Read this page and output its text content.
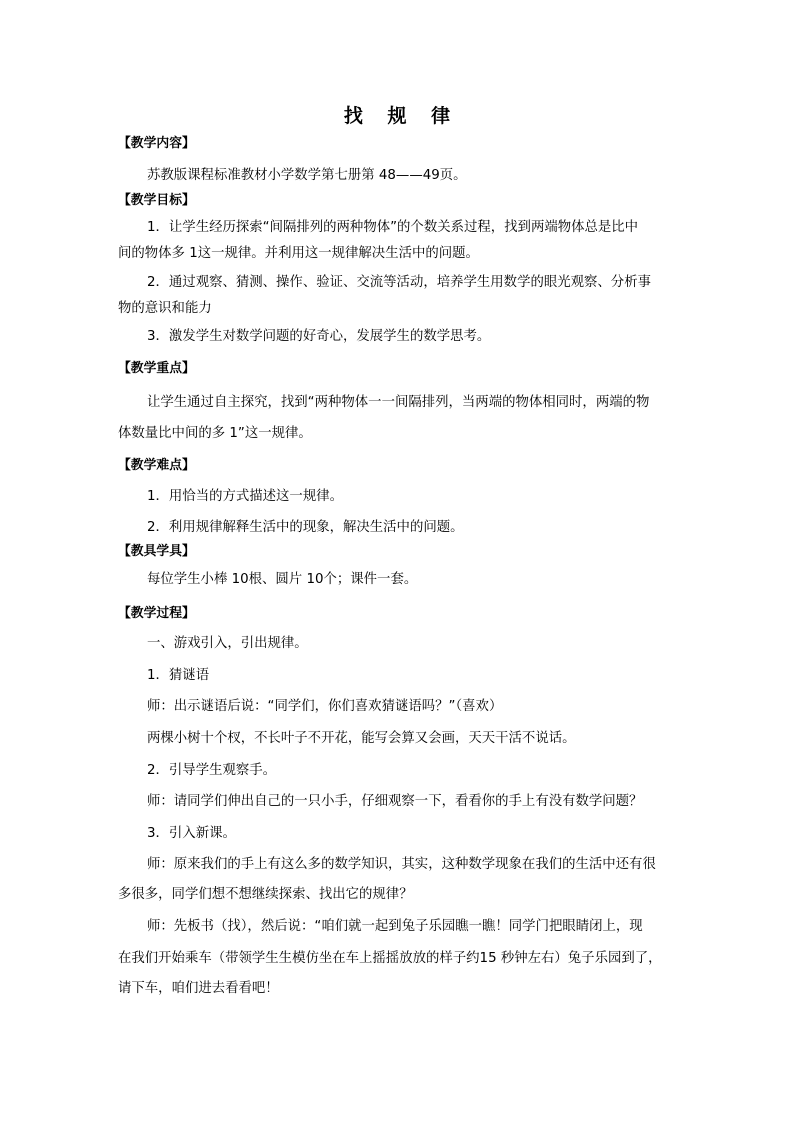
找 规 律
【教学内容】
苏教版课程标准教材小学数学第七册第 48——49页。
【教学目标】
1．让学生经历探索“间隔排列的两种物体”的个数关系过程，找到两端物体总是比中
间的物体多 1这一规律。并利用这一规律解决生活中的问题。
2．通过观察、猜测、操作、验证、交流等活动，培养学生用数学的眼光观察、分析事
物的意识和能力
3．激发学生对数学问题的好奇心，发展学生的数学思考。
【教学重点】
让学生通过自主探究，找到“两种物体一一间隔排列，当两端的物体相同时，两端的物
体数量比中间的多 1”这一规律。
【教学难点】
1．用恰当的方式描述这一规律。
2．利用规律解释生活中的现象，解决生活中的问题。
【教具学具】
每位学生小棒 10根、圆片 10个；课件一套。
【教学过程】
一、游戏引入，引出规律。
1．猜谜语
师：出示谜语后说：“同学们，你们喜欢猜谜语吗？”（喜欢）
两棵小树十个杈，不长叶子不开花，能写会算又会画，天天干活不说话。
2．引导学生观察手。
师：请同学们伸出自己的一只小手，仔细观察一下，看看你的手上有没有数学问题？
3．引入新课。
师：原来我们的手上有这么多的数学知识，其实，这种数学现象在我们的生活中还有很
多很多，同学们想不想继续探索、找出它的规律？
师：先板书（找），然后说：“咱们就一起到兔子乐园瞧一瞧！同学门把眼睛闭上，现
在我们开始乘车（带领学生生模仿坐在车上摇摇放放的样子约15 秒钟左右）兔子乐园到了，
请下车，咱们进去看看吧！
